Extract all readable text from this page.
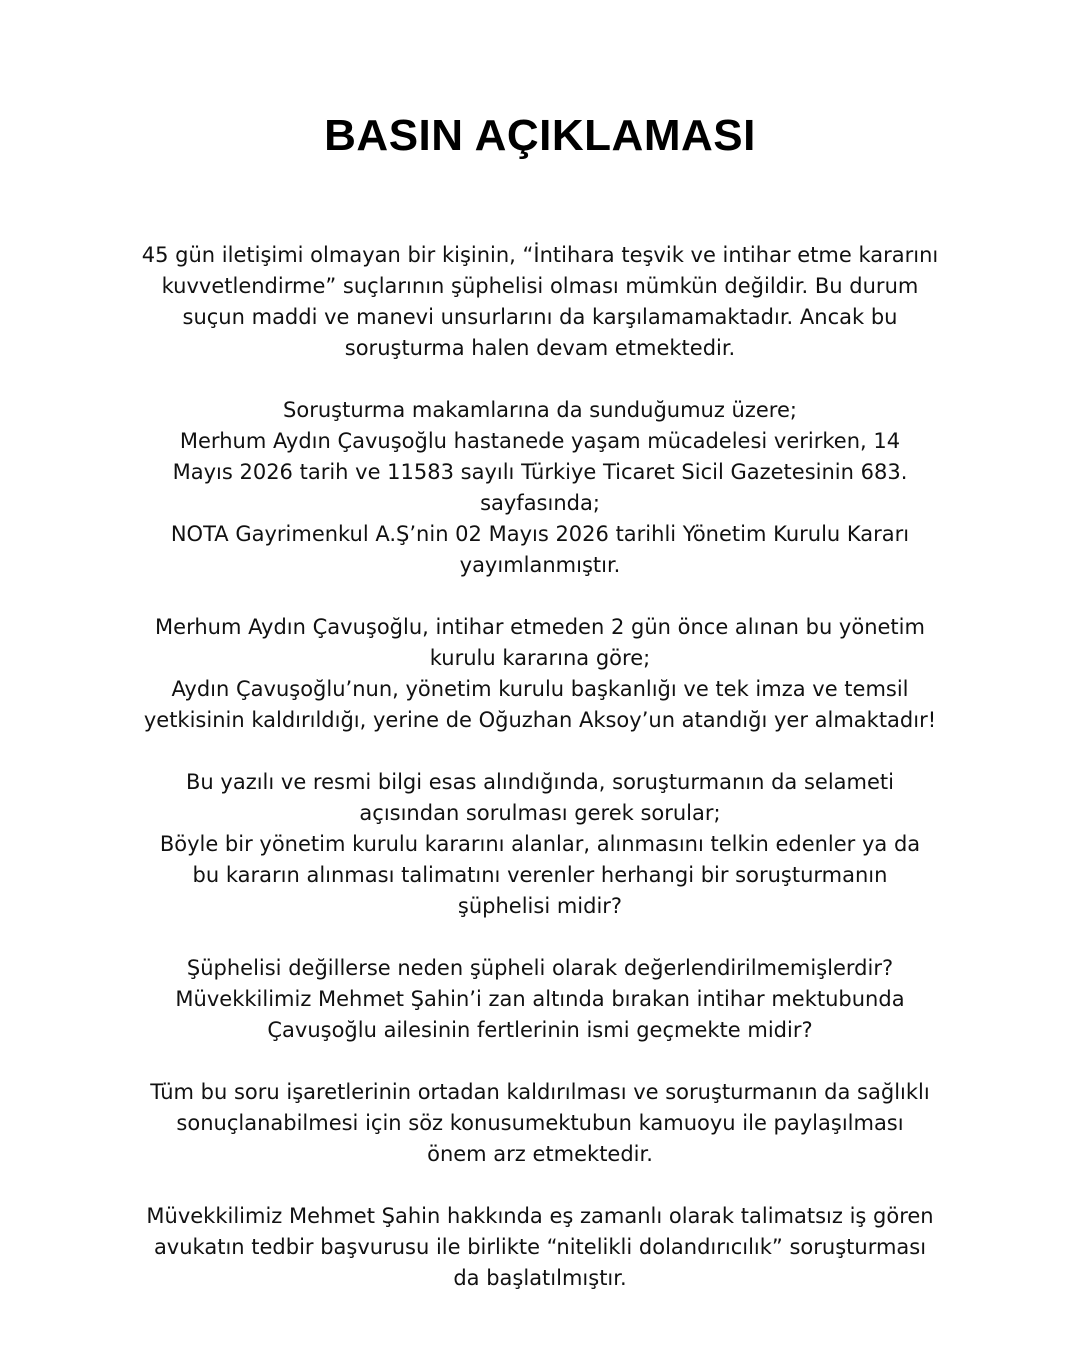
BASIN AÇIKLAMASI

45 gün iletişimi olmayan bir kişinin, “İntihara teşvik ve intihar etme kararını
kuvvetlendirme” suçlarının şüphelisi olması mümkün değildir. Bu durum
suçun maddi ve manevi unsurlarını da karşılamamaktadır. Ancak bu
soruşturma halen devam etmektedir.

Soruşturma makamlarına da sunduğumuz üzere;
Merhum Aydın Çavuşoğlu hastanede yaşam mücadelesi verirken, 14
Mayıs 2026 tarih ve 11583 sayılı Türkiye Ticaret Sicil Gazetesinin 683.
sayfasında;
NOTA Gayrimenkul A.Ş’nin 02 Mayıs 2026 tarihli Yönetim Kurulu Kararı
yayımlanmıştır.

Merhum Aydın Çavuşoğlu, intihar etmeden 2 gün önce alınan bu yönetim
kurulu kararına göre;
Aydın Çavuşoğlu’nun, yönetim kurulu başkanlığı ve tek imza ve temsil
yetkisinin kaldırıldığı, yerine de Oğuzhan Aksoy’un atandığı yer almaktadır!

Bu yazılı ve resmi bilgi esas alındığında, soruşturmanın da selameti
açısından sorulması gerek sorular;
Böyle bir yönetim kurulu kararını alanlar, alınmasını telkin edenler ya da
bu kararın alınması talimatını verenler herhangi bir soruşturmanın
şüphelisi midir?

Şüphelisi değillerse neden şüpheli olarak değerlendirilmemişlerdir?
Müvekkilimiz Mehmet Şahin’i zan altında bırakan intihar mektubunda
Çavuşoğlu ailesinin fertlerinin ismi geçmekte midir?

Tüm bu soru işaretlerinin ortadan kaldırılması ve soruşturmanın da sağlıklı
sonuçlanabilmesi için söz konusumektubun kamuoyu ile paylaşılması
önem arz etmektedir.

Müvekkilimiz Mehmet Şahin hakkında eş zamanlı olarak talimatsız iş gören
avukatın tedbir başvurusu ile birlikte “nitelikli dolandırıcılık” soruşturması
da başlatılmıştır.
